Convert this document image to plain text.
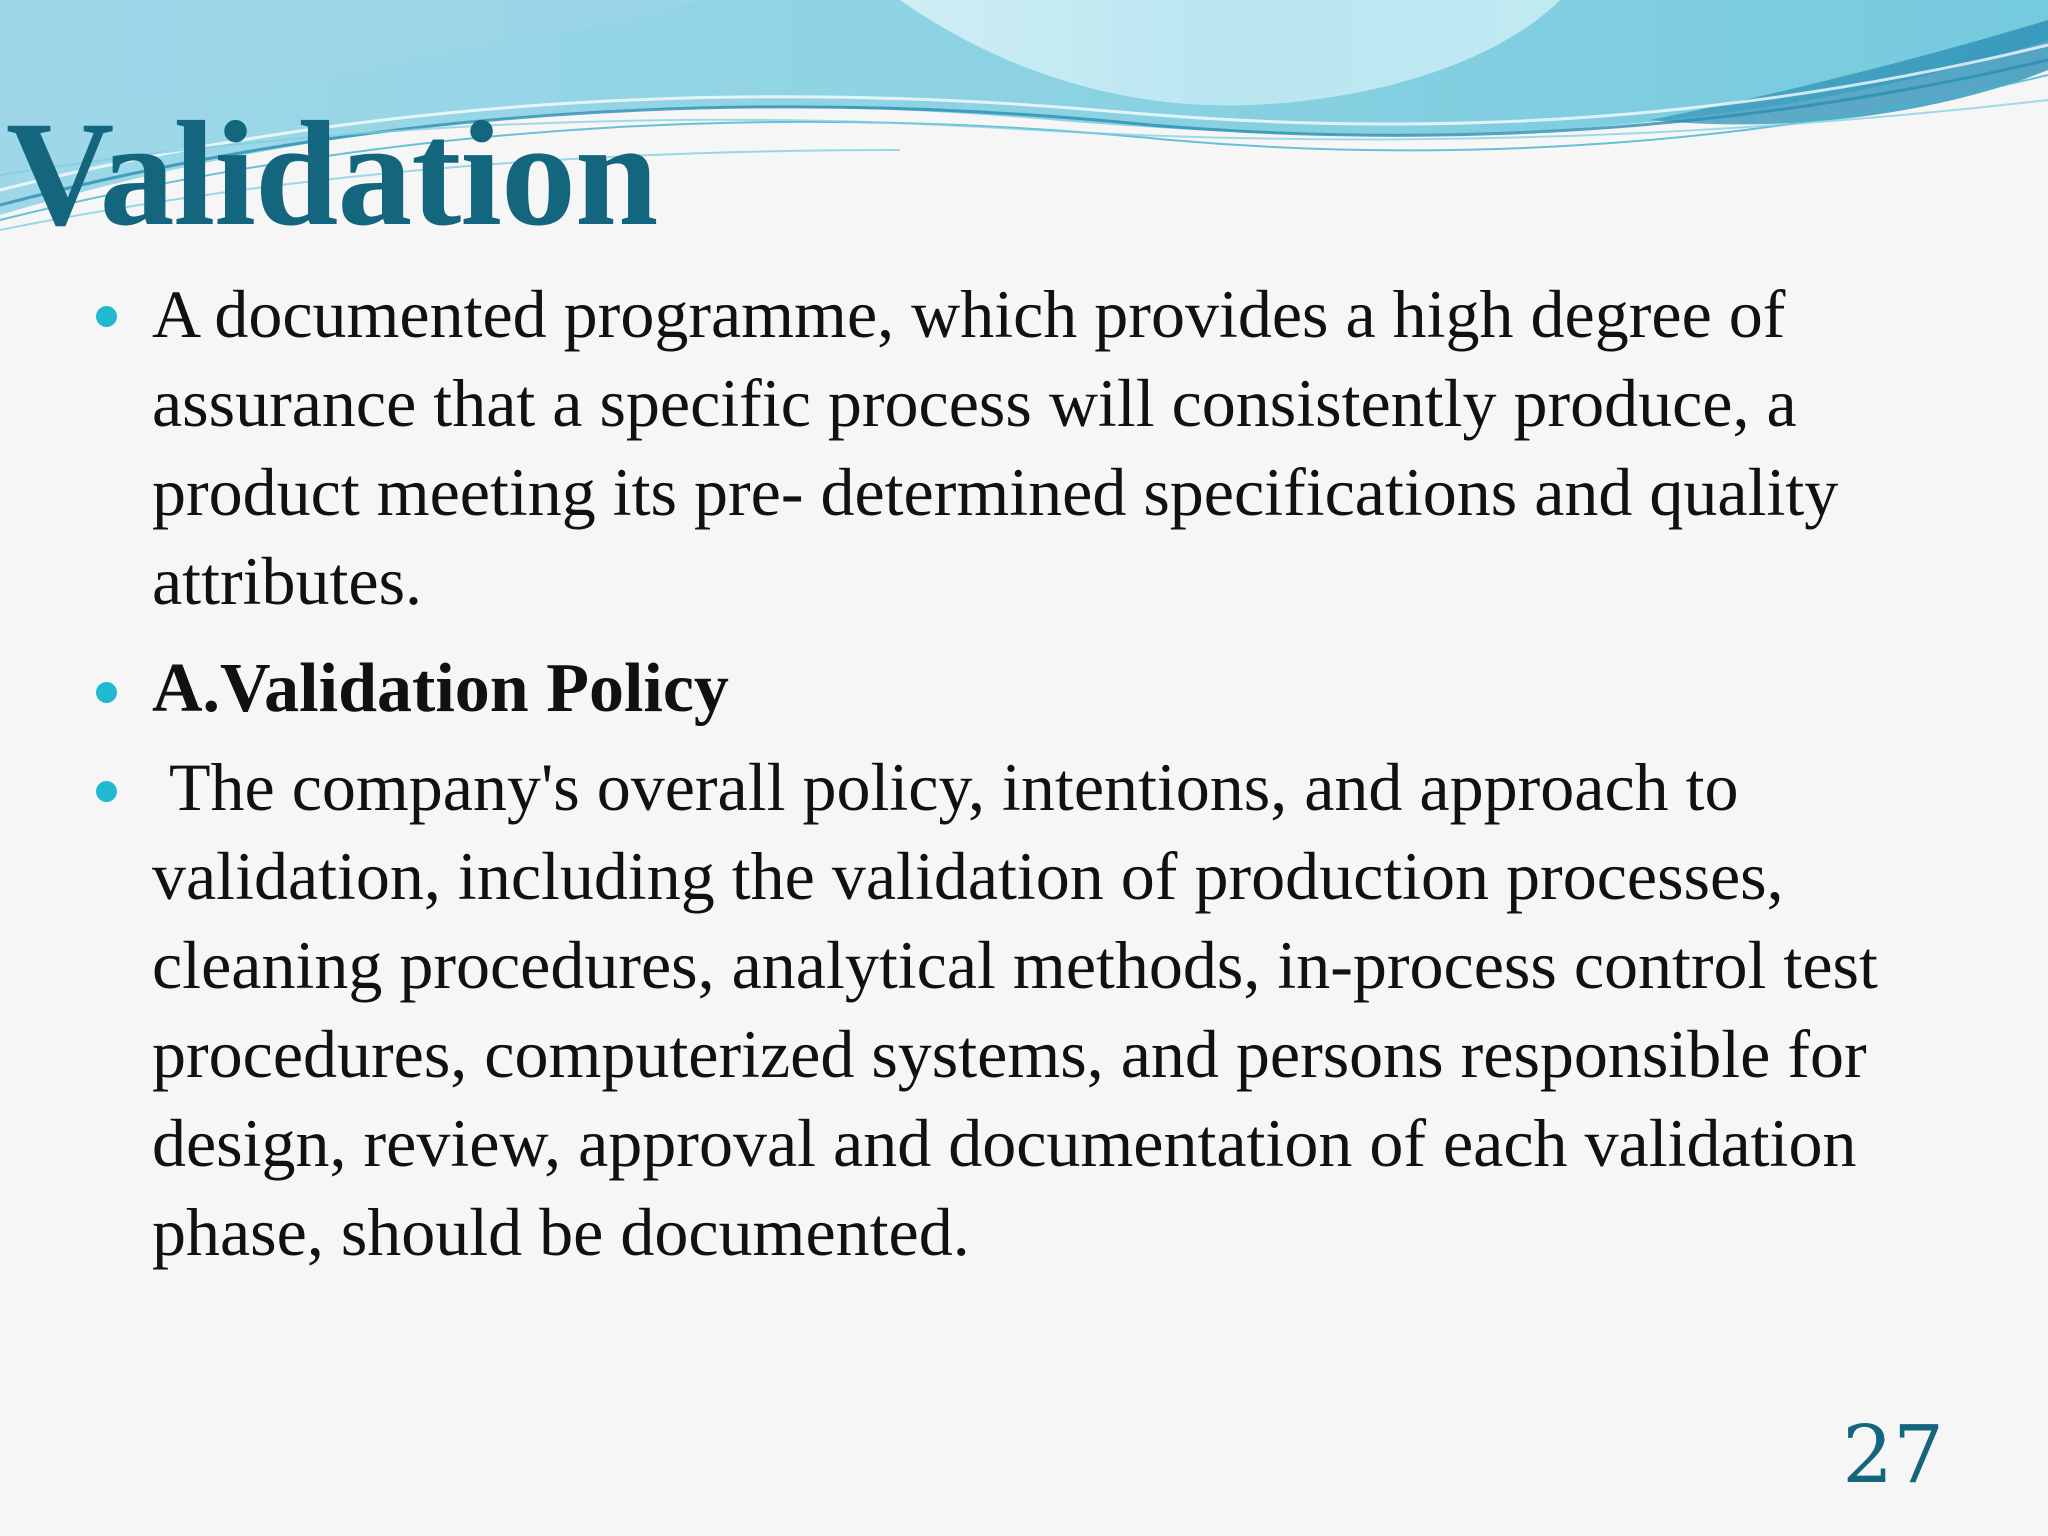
Validation
A documented programme, which provides a high degree of assurance that a specific process will consistently produce, a product meeting its pre- determined specifications and quality attributes.
A.Validation Policy
The company's overall policy, intentions, and approach to validation, including the validation of production processes, cleaning procedures, analytical methods, in-process control test procedures, computerized systems, and persons responsible for design, review, approval and documentation of each validation phase, should be documented.
27
